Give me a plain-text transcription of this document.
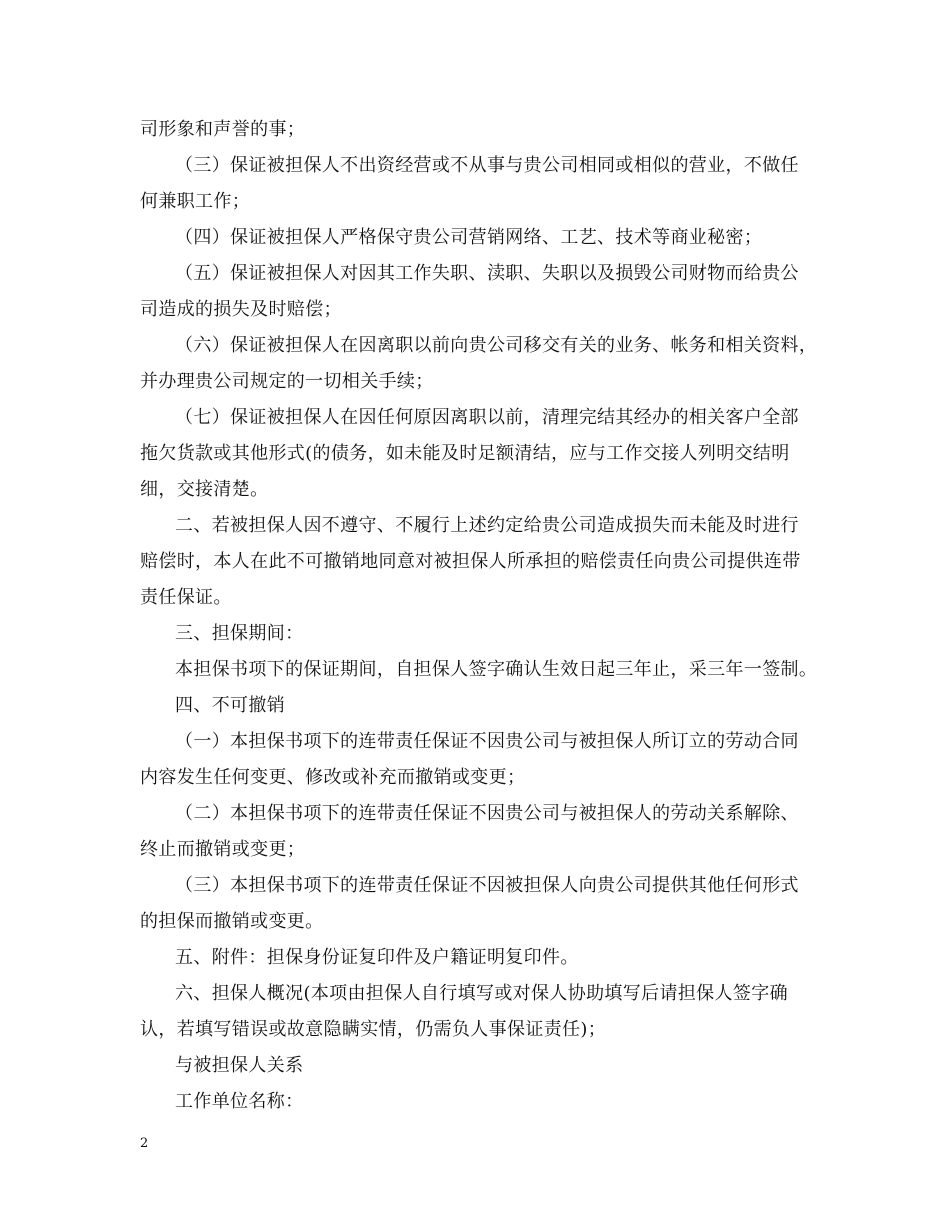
司形象和声誉的事；
（三）保证被担保人不出资经营或不从事与贵公司相同或相似的营业，不做任
何兼职工作；
（四）保证被担保人严格保守贵公司营销网络、工艺、技术等商业秘密；
（五）保证被担保人对因其工作失职、渎职、失职以及损毁公司财物而给贵公
司造成的损失及时赔偿；
（六）保证被担保人在因离职以前向贵公司移交有关的业务、帐务和相关资料，
并办理贵公司规定的一切相关手续；
（七）保证被担保人在因任何原因离职以前，清理完结其经办的相关客户全部
拖欠货款或其他形式(的债务，如未能及时足额清结，应与工作交接人列明交结明
细，交接清楚。
二、若被担保人因不遵守、不履行上述约定给贵公司造成损失而未能及时进行
赔偿时，本人在此不可撤销地同意对被担保人所承担的赔偿责任向贵公司提供连带
责任保证。
三、担保期间：
本担保书项下的保证期间，自担保人签字确认生效日起三年止，采三年一签制。
四、不可撤销
（一）本担保书项下的连带责任保证不因贵公司与被担保人所订立的劳动合同
内容发生任何变更、修改或补充而撤销或变更；
（二）本担保书项下的连带责任保证不因贵公司与被担保人的劳动关系解除、
终止而撤销或变更；
（三）本担保书项下的连带责任保证不因被担保人向贵公司提供其他任何形式
的担保而撤销或变更。
五、附件：担保身份证复印件及户籍证明复印件。
六、担保人概况(本项由担保人自行填写或对保人协助填写后请担保人签字确
认，若填写错误或故意隐瞒实情，仍需负人事保证责任)；
与被担保人关系
工作单位名称：
2
